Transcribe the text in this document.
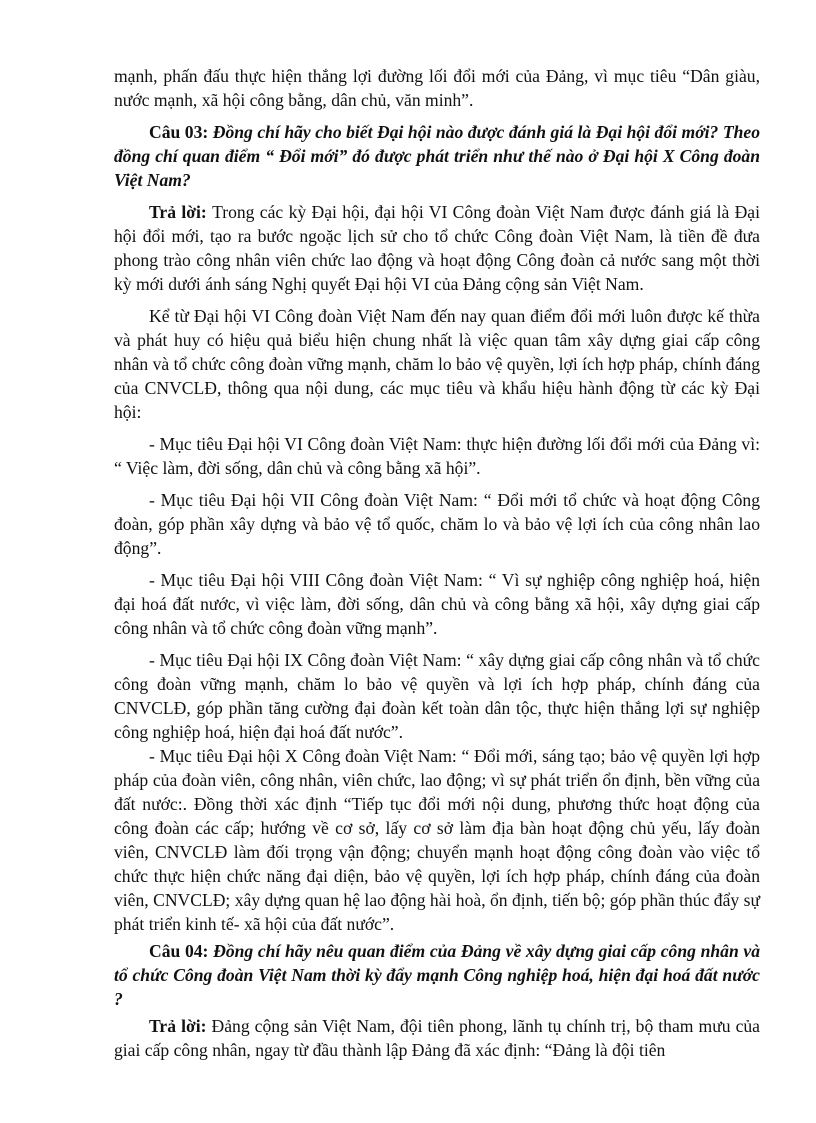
mạnh, phấn đấu thực hiện thắng lợi đường lối đổi mới của Đảng, vì mục tiêu “Dân giàu, nước mạnh, xã hội công bằng, dân chủ, văn minh”.

Câu 03: Đồng chí hãy cho biết Đại hội nào được đánh giá là Đại hội đổi mới? Theo đồng chí quan điểm “ Đổi mới” đó được phát triển như thế nào ở Đại hội X Công đoàn Việt Nam?

Trả lời: Trong các kỳ Đại hội, đại hội VI Công đoàn Việt Nam được đánh giá là Đại hội đổi mới, tạo ra bước ngoặc lịch sử cho tổ chức Công đoàn Việt Nam, là tiền đề đưa phong trào công nhân viên chức lao động và hoạt động Công đoàn cả nước sang một thời kỳ mới dưới ánh sáng Nghị quyết Đại hội VI của Đảng cộng sản Việt Nam.

Kể từ Đại hội VI Công đoàn Việt Nam đến nay quan điểm đổi mới luôn được kế thừa và phát huy có hiệu quả biểu hiện chung nhất là việc quan tâm xây dựng giai cấp công nhân và tổ chức công đoàn vững mạnh, chăm lo bảo vệ quyền, lợi ích hợp pháp, chính đáng của CNVCLĐ, thông qua nội dung, các mục tiêu và khẩu hiệu hành động từ các kỳ Đại hội:

- Mục tiêu Đại hội VI Công đoàn Việt Nam: thực hiện đường lối đổi mới của Đảng vì: “ Việc làm, đời sống, dân chủ và công bằng xã hội”.

- Mục tiêu Đại hội VII Công đoàn Việt Nam: “ Đổi mới tổ chức và hoạt động Công đoàn, góp phần xây dựng và bảo vệ tổ quốc, chăm lo và bảo vệ lợi ích của công nhân lao động”.

- Mục tiêu Đại hội VIII Công đoàn Việt Nam: “ Vì sự nghiệp công nghiệp hoá, hiện đại hoá đất nước, vì việc làm, đời sống, dân chủ và công bằng xã hội, xây dựng giai cấp công nhân và tổ chức công đoàn vững mạnh”.

- Mục tiêu Đại hội IX Công đoàn Việt Nam: “ xây dựng giai cấp công nhân và tổ chức công đoàn vững mạnh, chăm lo bảo vệ quyền và lợi ích hợp pháp, chính đáng của CNVCLĐ, góp phần tăng cường đại đoàn kết toàn dân tộc, thực hiện thắng lợi sự nghiệp công nghiệp hoá, hiện đại hoá đất nước”.

- Mục tiêu Đại hội X Công đoàn Việt Nam: “ Đổi mới, sáng tạo; bảo vệ quyền lợi hợp pháp của đoàn viên, công nhân, viên chức, lao động; vì sự phát triển ổn định, bền vững của đất nước:. Đồng thời xác định “Tiếp tục đổi mới nội dung, phương thức hoạt động của công đoàn các cấp; hướng về cơ sở, lấy cơ sở làm địa bàn hoạt động chủ yếu, lấy đoàn viên, CNVCLĐ làm đối trọng vận động; chuyển mạnh hoạt động công đoàn vào việc tổ chức thực hiện chức năng đại diện, bảo vệ quyền, lợi ích hợp pháp, chính đáng của đoàn viên, CNVCLĐ; xây dựng quan hệ lao động hài hoà, ổn định, tiến bộ; góp phần thúc đẩy sự phát triển kinh tế- xã hội của đất nước”.

Câu 04: Đồng chí hãy nêu quan điểm của Đảng về xây dựng giai cấp công nhân và tổ chức Công đoàn Việt Nam thời kỳ đẩy mạnh Công nghiệp hoá, hiện đại hoá đất nước ?

Trả lời: Đảng cộng sản Việt Nam, đội tiên phong, lãnh tụ chính trị, bộ tham mưu của giai cấp công nhân, ngay từ đầu thành lập Đảng đã xác định: “Đảng là đội tiên
